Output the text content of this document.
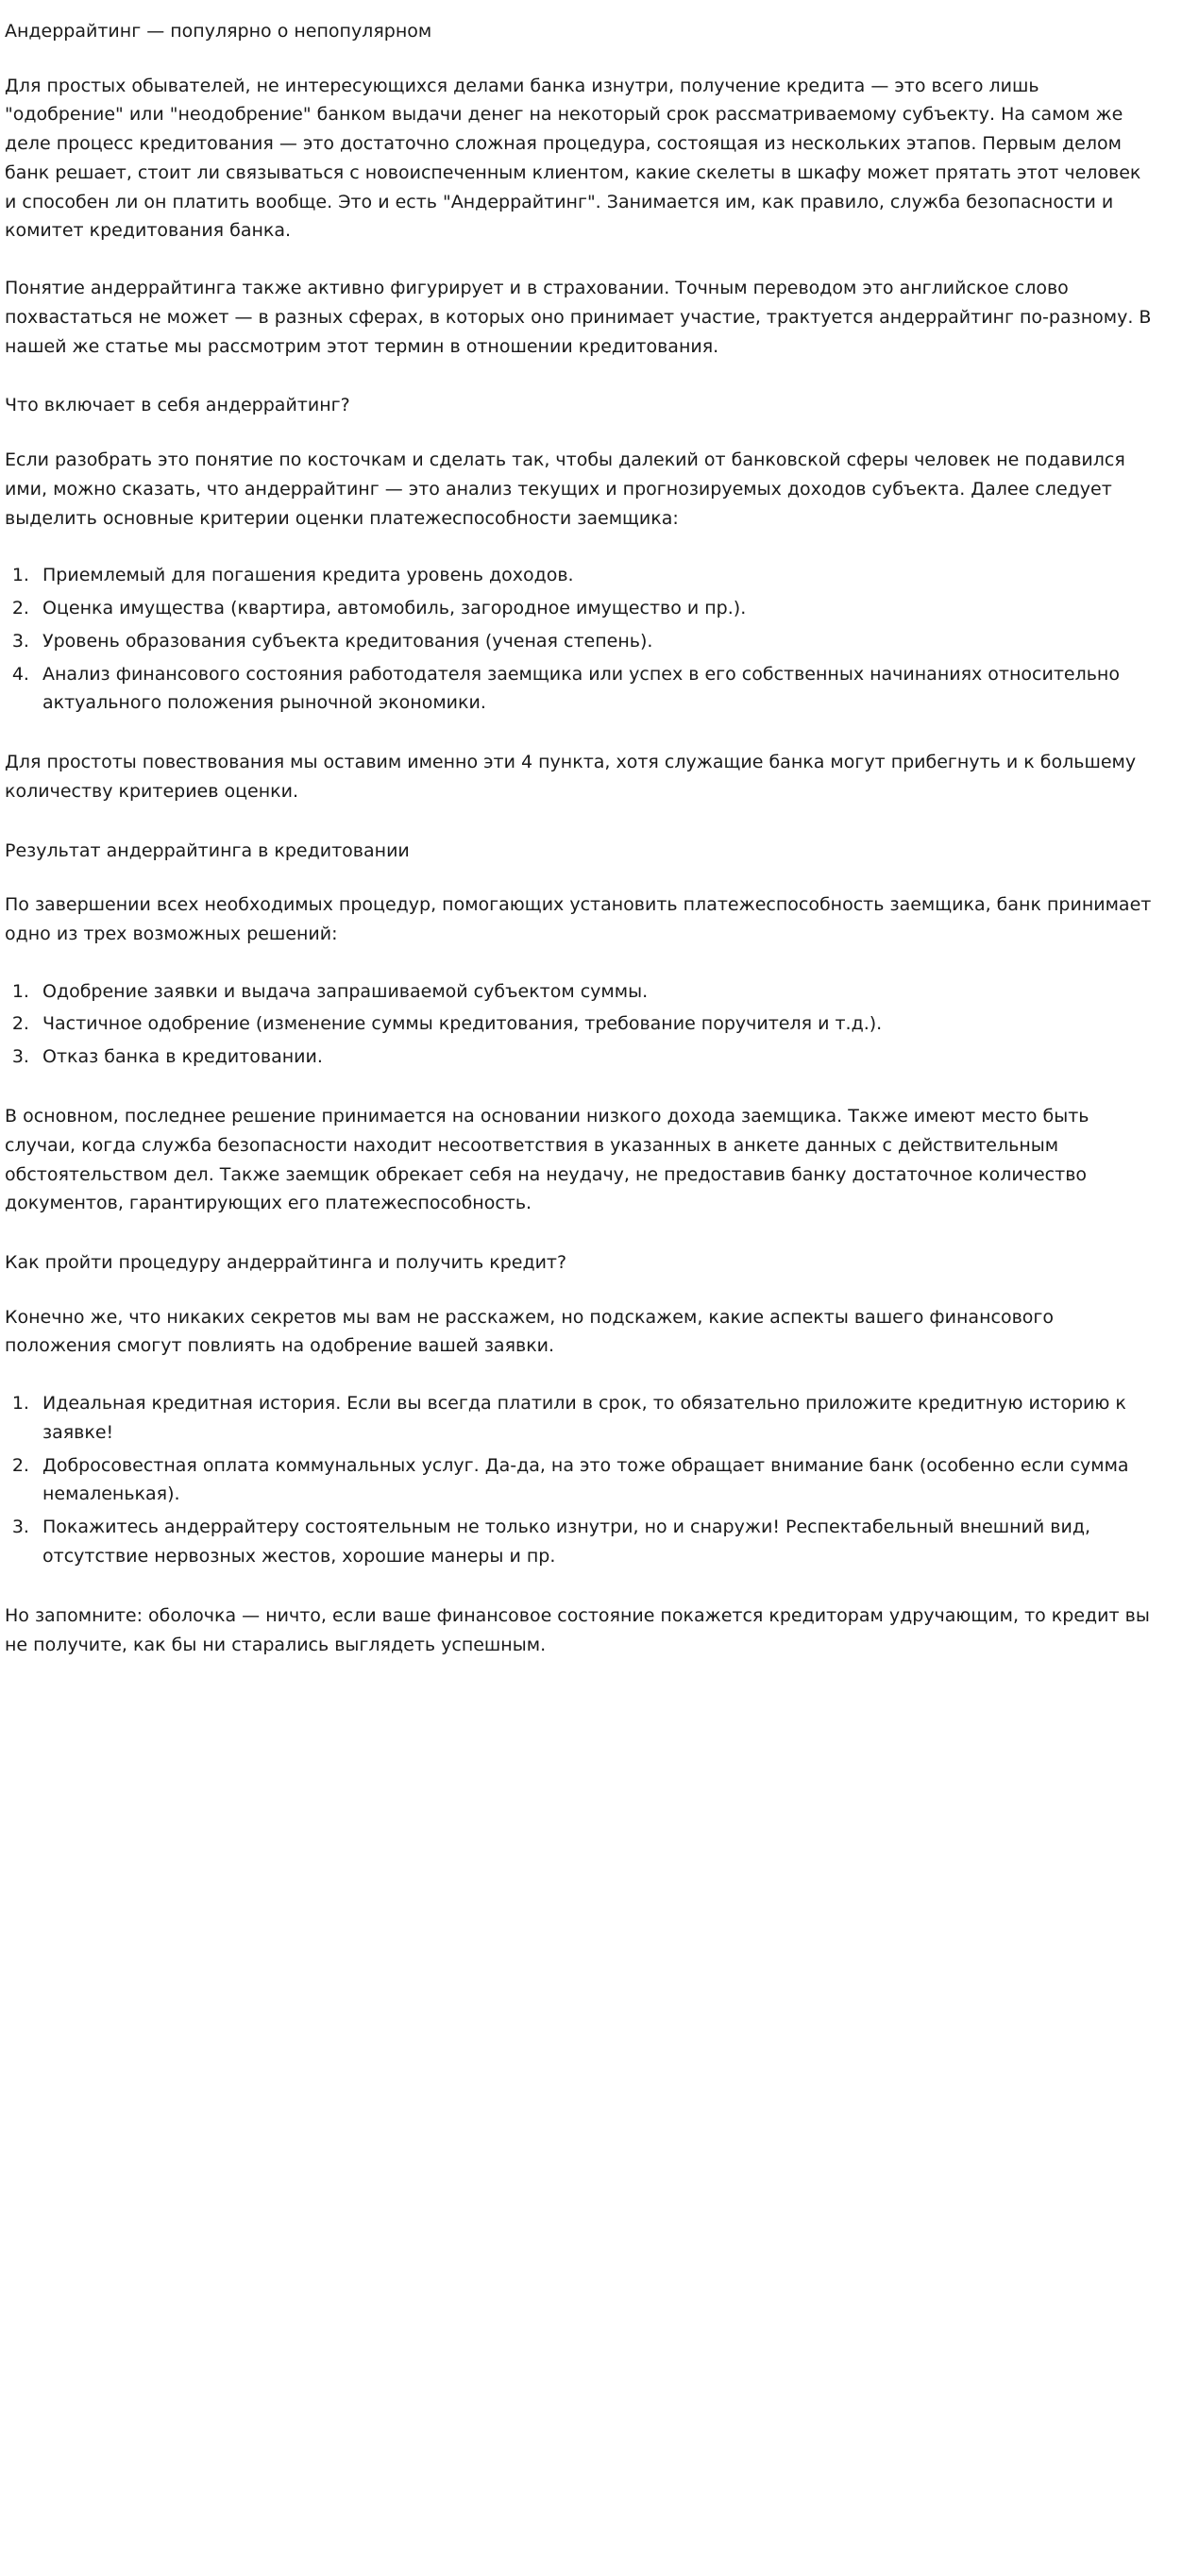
Андеррайтинг — популярно о непопулярном

Для простых обывателей, не интересующихся делами банка изнутри, получение кредита — это всего лишь "одобрение" или "неодобрение" банком выдачи денег на некоторый срок рассматриваемому субъекту. На самом же деле процесс кредитования — это достаточно сложная процедура, состоящая из нескольких этапов. Первым делом банк решает, стоит ли связываться с новоиспеченным клиентом, какие скелеты в шкафу может прятать этот человек и способен ли он платить вообще. Это и есть "Андеррайтинг". Занимается им, как правило, служба безопасности и комитет кредитования банка.

Понятие андеррайтинга также активно фигурирует и в страховании. Точным переводом это английское слово похвастаться не может — в разных сферах, в которых оно принимает участие, трактуется андеррайтинг по-разному. В нашей же статье мы рассмотрим этот термин в отношении кредитования.

Что включает в себя андеррайтинг?

Если разобрать это понятие по косточкам и сделать так, чтобы далекий от банковской сферы человек не подавился ими, можно сказать, что андеррайтинг — это анализ текущих и прогнозируемых доходов субъекта. Далее следует выделить основные критерии оценки платежеспособности заемщика:

1. Приемлемый для погашения кредита уровень доходов.
2. Оценка имущества (квартира, автомобиль, загородное имущество и пр.).
3. Уровень образования субъекта кредитования (ученая степень).
4. Анализ финансового состояния работодателя заемщика или успех в его собственных начинаниях относительно актуального положения рыночной экономики.

Для простоты повествования мы оставим именно эти 4 пункта, хотя служащие банка могут прибегнуть и к большему количеству критериев оценки.

Результат андеррайтинга в кредитовании

По завершении всех необходимых процедур, помогающих установить платежеспособность заемщика, банк принимает одно из трех возможных решений:

1. Одобрение заявки и выдача запрашиваемой субъектом суммы.
2. Частичное одобрение (изменение суммы кредитования, требование поручителя и т.д.).
3. Отказ банка в кредитовании.

В основном, последнее решение принимается на основании низкого дохода заемщика. Также имеют место быть случаи, когда служба безопасности находит несоответствия в указанных в анкете данных с действительным обстоятельством дел. Также заемщик обрекает себя на неудачу, не предоставив банку достаточное количество документов, гарантирующих его платежеспособность.

Как пройти процедуру андеррайтинга и получить кредит?

Конечно же, что никаких секретов мы вам не расскажем, но подскажем, какие аспекты вашего финансового положения смогут повлиять на одобрение вашей заявки.

1. Идеальная кредитная история. Если вы всегда платили в срок, то обязательно приложите кредитную историю к заявке!
2. Добросовестная оплата коммунальных услуг. Да-да, на это тоже обращает внимание банк (особенно если сумма немаленькая).
3. Покажитесь андеррайтеру состоятельным не только изнутри, но и снаружи! Респектабельный внешний вид, отсутствие нервозных жестов, хорошие манеры и пр.

Но запомните: оболочка — ничто, если ваше финансовое состояние покажется кредиторам удручающим, то кредит вы не получите, как бы ни старались выглядеть успешным.
